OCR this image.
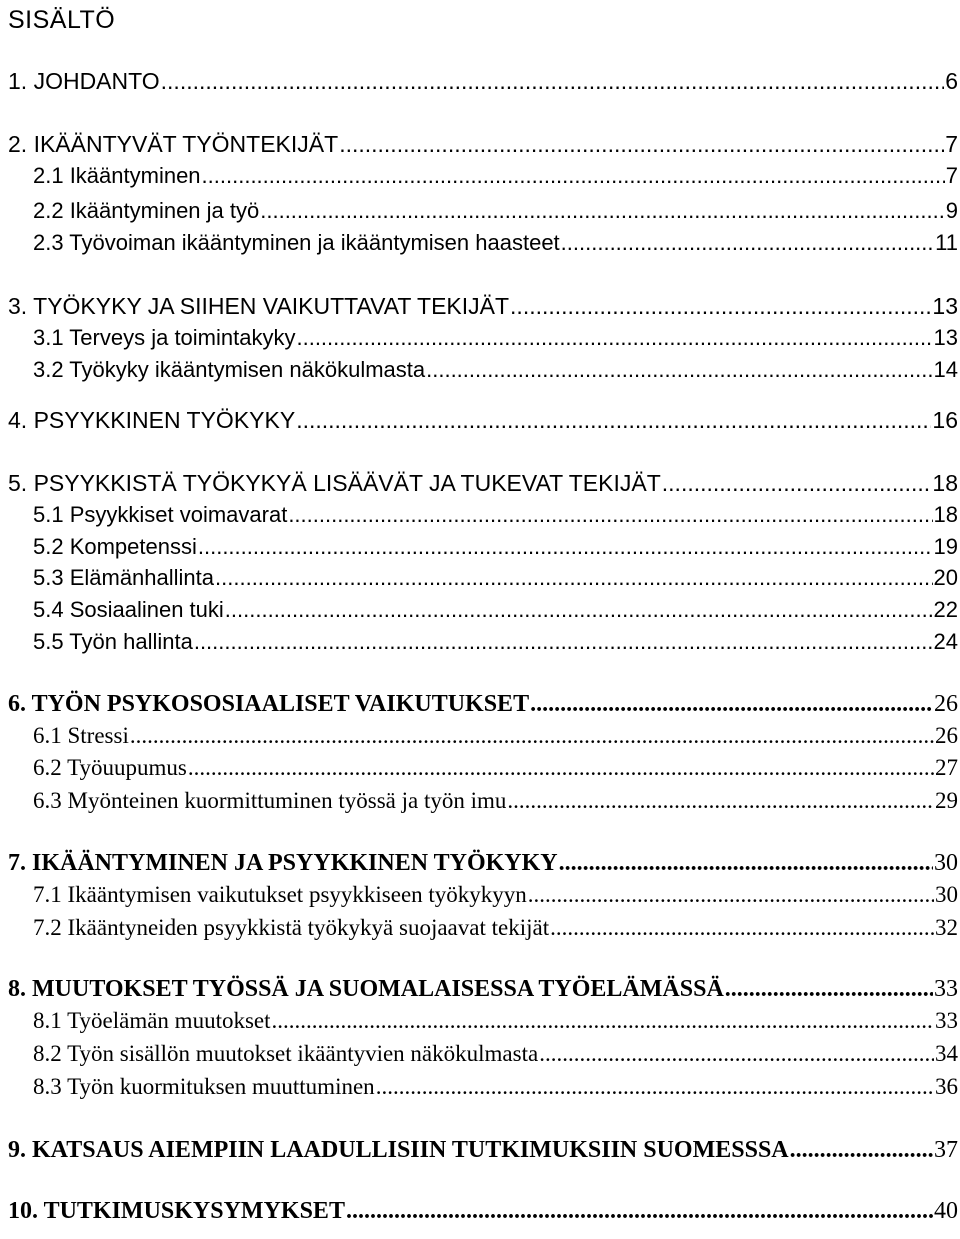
SISÄLTÖ
1. JOHDANTO .....	6
2. IKÄÄNTYVÄT TYÖNTEKIJÄT .....	7
2.1 Ikääntyminen .....	7
2.2 Ikääntyminen ja työ .....	9
2.3 Työvoiman ikääntyminen ja ikääntymisen haasteet .....	11
3. TYÖKYKY JA SIIHEN VAIKUTTAVAT TEKIJÄT .....	13
3.1 Terveys ja toimintakyky .....	13
3.2 Työkyky ikääntymisen näkökulmasta .....	14
4. PSYYKKINEN TYÖKYKY .....	16
5. PSYYKKISTÄ TYÖKYKYÄ LISÄÄVÄT JA TUKEVAT TEKIJÄT .....	18
5.1 Psyykkiset voimavarat .....	18
5.2 Kompetenssi .....	19
5.3 Elämänhallinta .....	20
5.4 Sosiaalinen tuki .....	22
5.5 Työn hallinta .....	24
6. TYÖN PSYKOSOSIAALISET VAIKUTUKSET .....	26
6.1 Stressi .....	26
6.2 Työuupumus .....	27
6.3 Myönteinen kuormittuminen työssä ja työn imu .....	29
7. IKÄÄNTYMINEN JA PSYYKKINEN TYÖKYKY .....	30
7.1 Ikääntymisen vaikutukset psyykkiseen työkykyyn .....	30
7.2 Ikääntyneiden psyykkistä työkykyä suojaavat tekijät .....	32
8. MUUTOKSET TYÖSSÄ JA SUOMALAISESSA TYÖELÄMÄSSÄ .....	33
8.1 Työelämän muutokset .....	33
8.2 Työn sisällön muutokset ikääntyvien näkökulmasta .....	34
8.3 Työn kuormituksen muuttuminen .....	36
9. KATSAUS AIEMPIIN LAADULLISIIN TUTKIMUKSIIN SUOMESSSA .....	37
10. TUTKIMUSKYSYMYKSET .....	40
